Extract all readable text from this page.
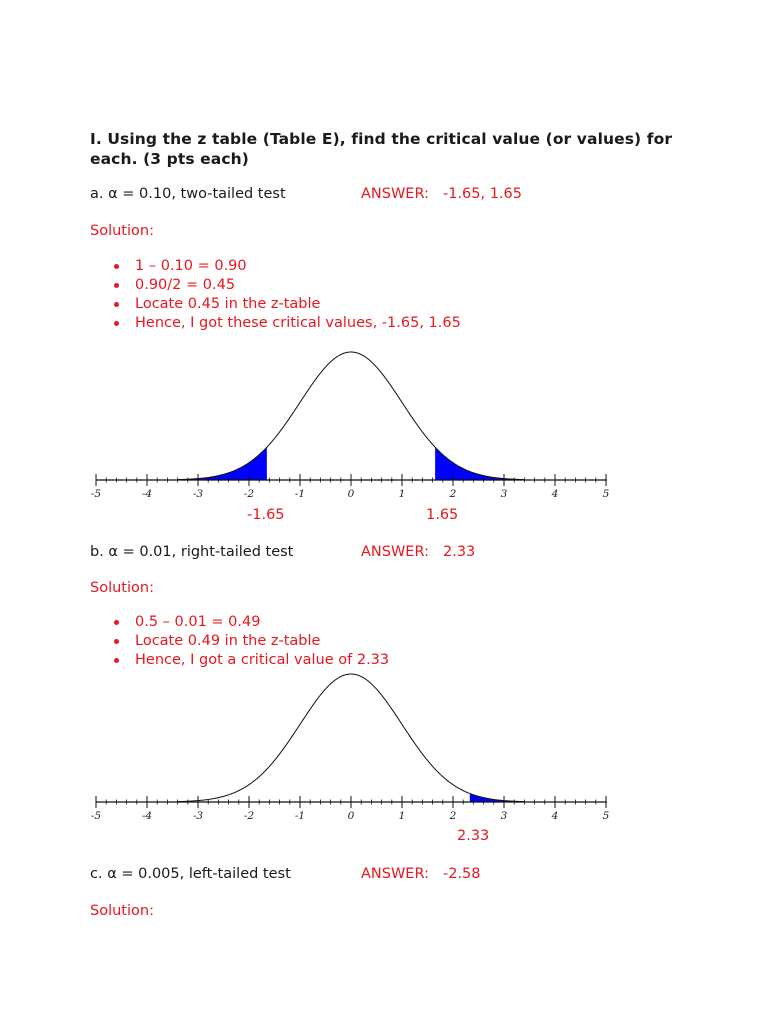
I. Using the z table (Table E), find the critical value (or values) for each. (3 pts each)
a. α = 0.10, two-tailed test	ANSWER: -1.65, 1.65
Solution:
1 – 0.10 = 0.90
0.90/2 = 0.45
Locate 0.45 in the z-table
Hence, I got these critical values, -1.65, 1.65
-5	-4	-3	-2	-1	0	1	2	3	4	5
-1.65	1.65
b. α = 0.01, right-tailed test	ANSWER: 2.33
Solution:
0.5 – 0.01 = 0.49
Locate 0.49 in the z-table
Hence, I got a critical value of 2.33
-5	-4	-3	-2	-1	0	1	2	3	4	5
2.33
c. α = 0.005, left-tailed test	ANSWER: -2.58
Solution:
